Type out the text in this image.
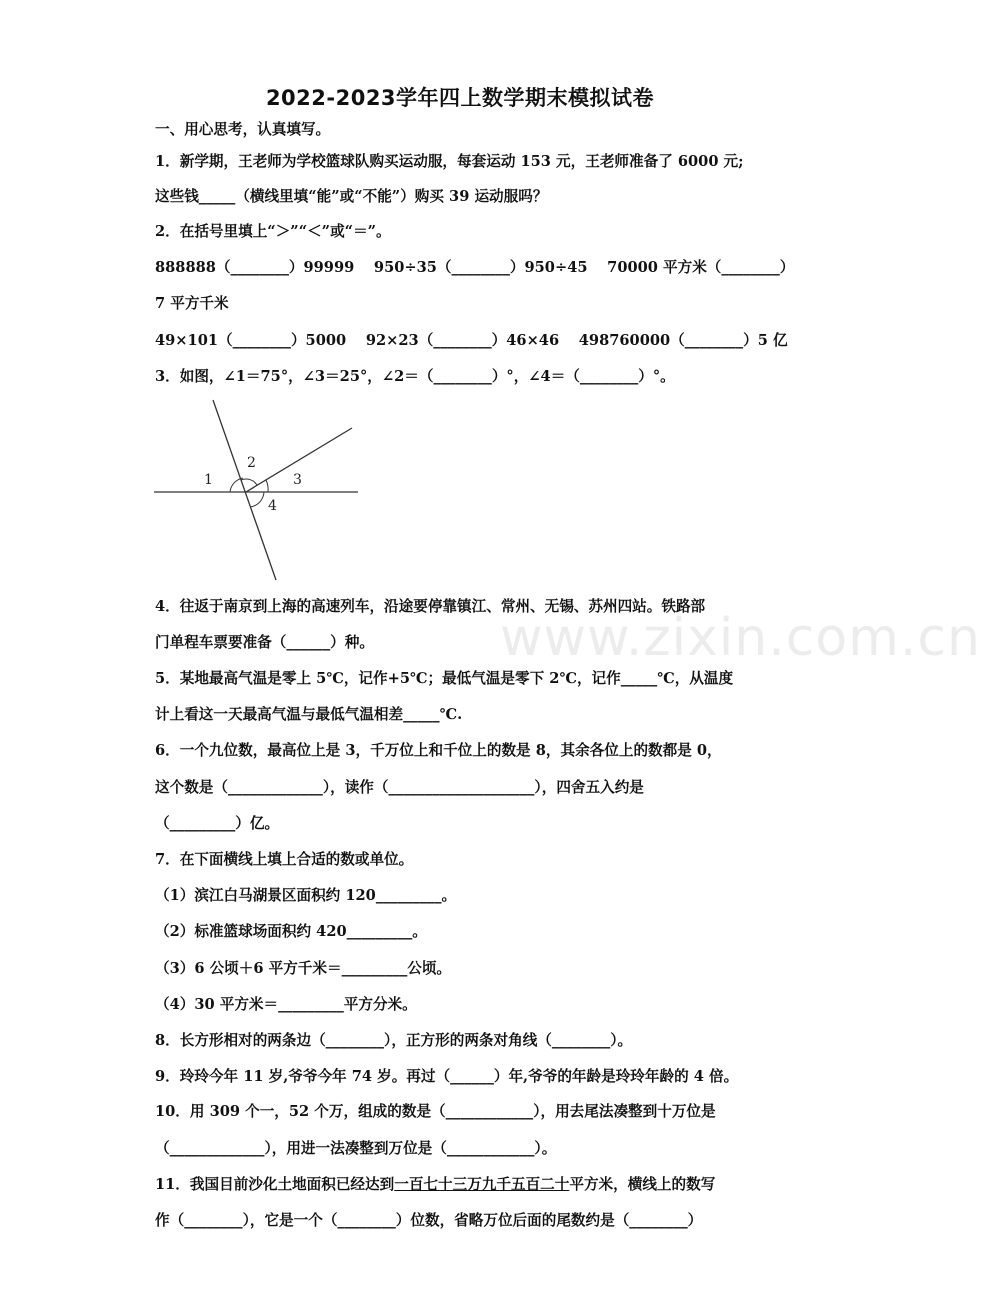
www.zixin.com.cn
2022-2023学年四上数学期末模拟试卷
一、用心思考，认真填写。
1．新学期，王老师为学校篮球队购买运动服，每套运动 153 元，王老师准备了 6000 元;
这些钱_____（横线里填“能”或“不能”）购买 39 运动服吗？
2．在括号里填上“＞”“＜”或“＝”。
888888（________）99999　 950÷35（________）950÷45　 70000 平方米（________）
7 平方千米
49×101（________）5000　 92×23（________）46×46　 498760000（________）5 亿
3．如图，∠1＝75°，∠3＝25°，∠2＝（________）°，∠4＝（________）°。
1
2
3
4
4．往返于南京到上海的高速列车，沿途要停靠镇江、常州、无锡、苏州四站。铁路部
门单程车票要准备（______）种。
5．某地最高气温是零上 5℃，记作+5℃；最低气温是零下 2℃，记作_____℃，从温度
计上看这一天最高气温与最低气温相差_____℃.
6．一个九位数，最高位上是 3，千万位上和千位上的数是 8，其余各位上的数都是 0，
这个数是（_____________），读作（____________________），四舍五入约是
（_________）亿。
7．在下面横线上填上合适的数或单位。
（1）滨江白马湖景区面积约 120_________。
（2）标准篮球场面积约 420_________。
（3）6 公顷＋6 平方千米＝_________公顷。
（4）30 平方米＝_________平方分米。
8．长方形相对的两条边（________），正方形的两条对角线（________）。
9．玲玲今年 11 岁,爷爷今年 74 岁。再过（______）年,爷爷的年龄是玲玲年龄的 4 倍。
10．用 309 个一，52 个万，组成的数是（____________），用去尾法凑整到十万位是
（_____________），用进一法凑整到万位是（____________）。
11．我国目前沙化土地面积已经达到一百七十三万九千五百二十平方米，横线上的数写
作（________），它是一个（________）位数，省略万位后面的尾数约是（________）
